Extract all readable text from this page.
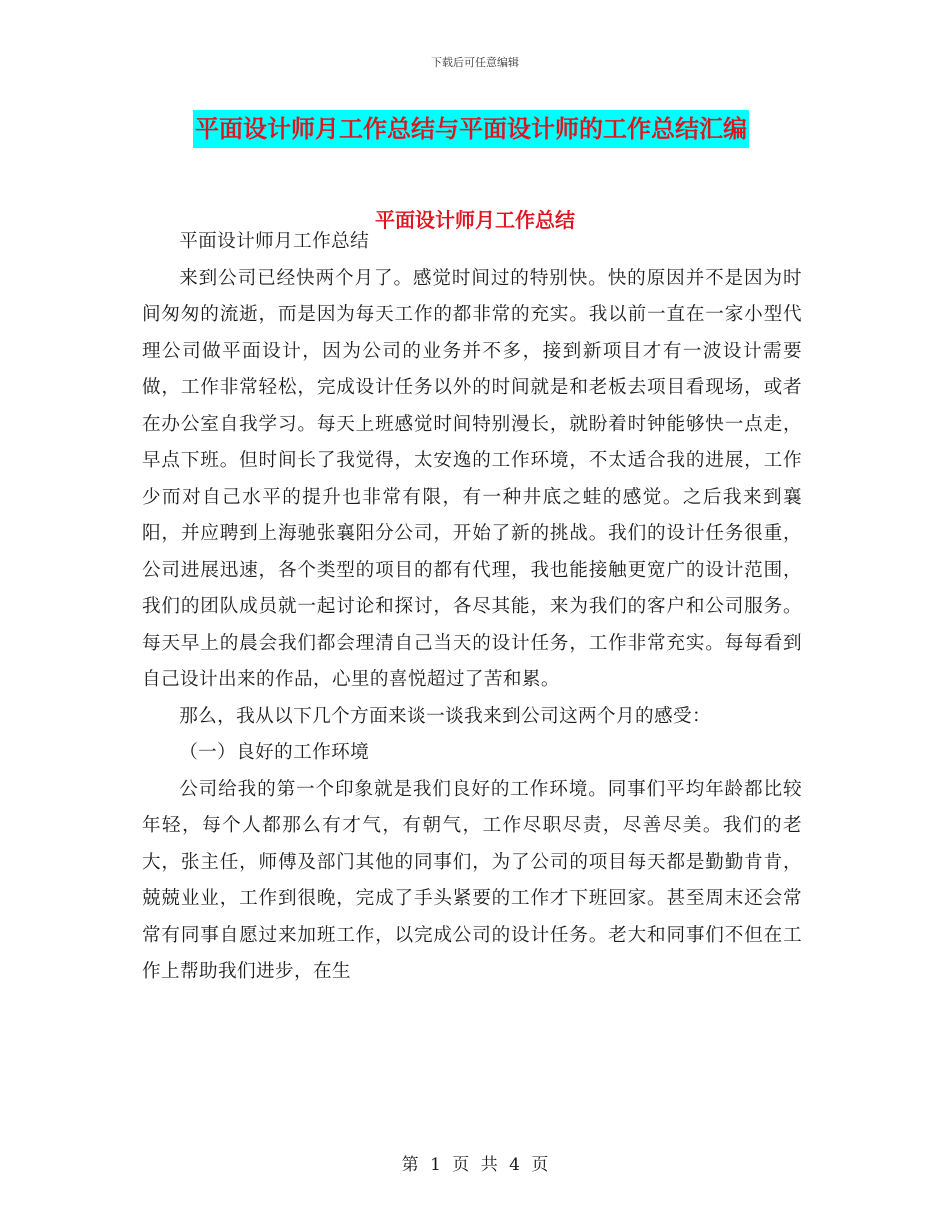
下载后可任意编辑
平面设计师月工作总结与平面设计师的工作总结汇编
平面设计师月工作总结

平面设计师月工作总结

来到公司已经快两个月了。感觉时间过的特别快。快的原因并不是因为时间匆匆的流逝，而是因为每天工作的都非常的充实。我以前一直在一家小型代理公司做平面设计，因为公司的业务并不多，接到新项目才有一波设计需要做，工作非常轻松，完成设计任务以外的时间就是和老板去项目看现场，或者在办公室自我学习。每天上班感觉时间特别漫长，就盼着时钟能够快一点走，早点下班。但时间长了我觉得，太安逸的工作环境，不太适合我的进展，工作少而对自己水平的提升也非常有限，有一种井底之蛙的感觉。之后我来到襄阳，并应聘到上海驰张襄阳分公司，开始了新的挑战。我们的设计任务很重，公司进展迅速，各个类型的项目的都有代理，我也能接触更宽广的设计范围，我们的团队成员就一起讨论和探讨，各尽其能，来为我们的客户和公司服务。每天早上的晨会我们都会理清自己当天的设计任务，工作非常充实。每每看到自己设计出来的作品，心里的喜悦超过了苦和累。

那么，我从以下几个方面来谈一谈我来到公司这两个月的感受：

（一）良好的工作环境

公司给我的第一个印象就是我们良好的工作环境。同事们平均年龄都比较年轻，每个人都那么有才气，有朝气，工作尽职尽责，尽善尽美。我们的老大，张主任，师傅及部门其他的同事们，为了公司的项目每天都是勤勤肯肯，兢兢业业，工作到很晚，完成了手头紧要的工作才下班回家。甚至周末还会常常有同事自愿过来加班工作，以完成公司的设计任务。老大和同事们不但在工作上帮助我们进步，在生

第 1 页 共 4 页
